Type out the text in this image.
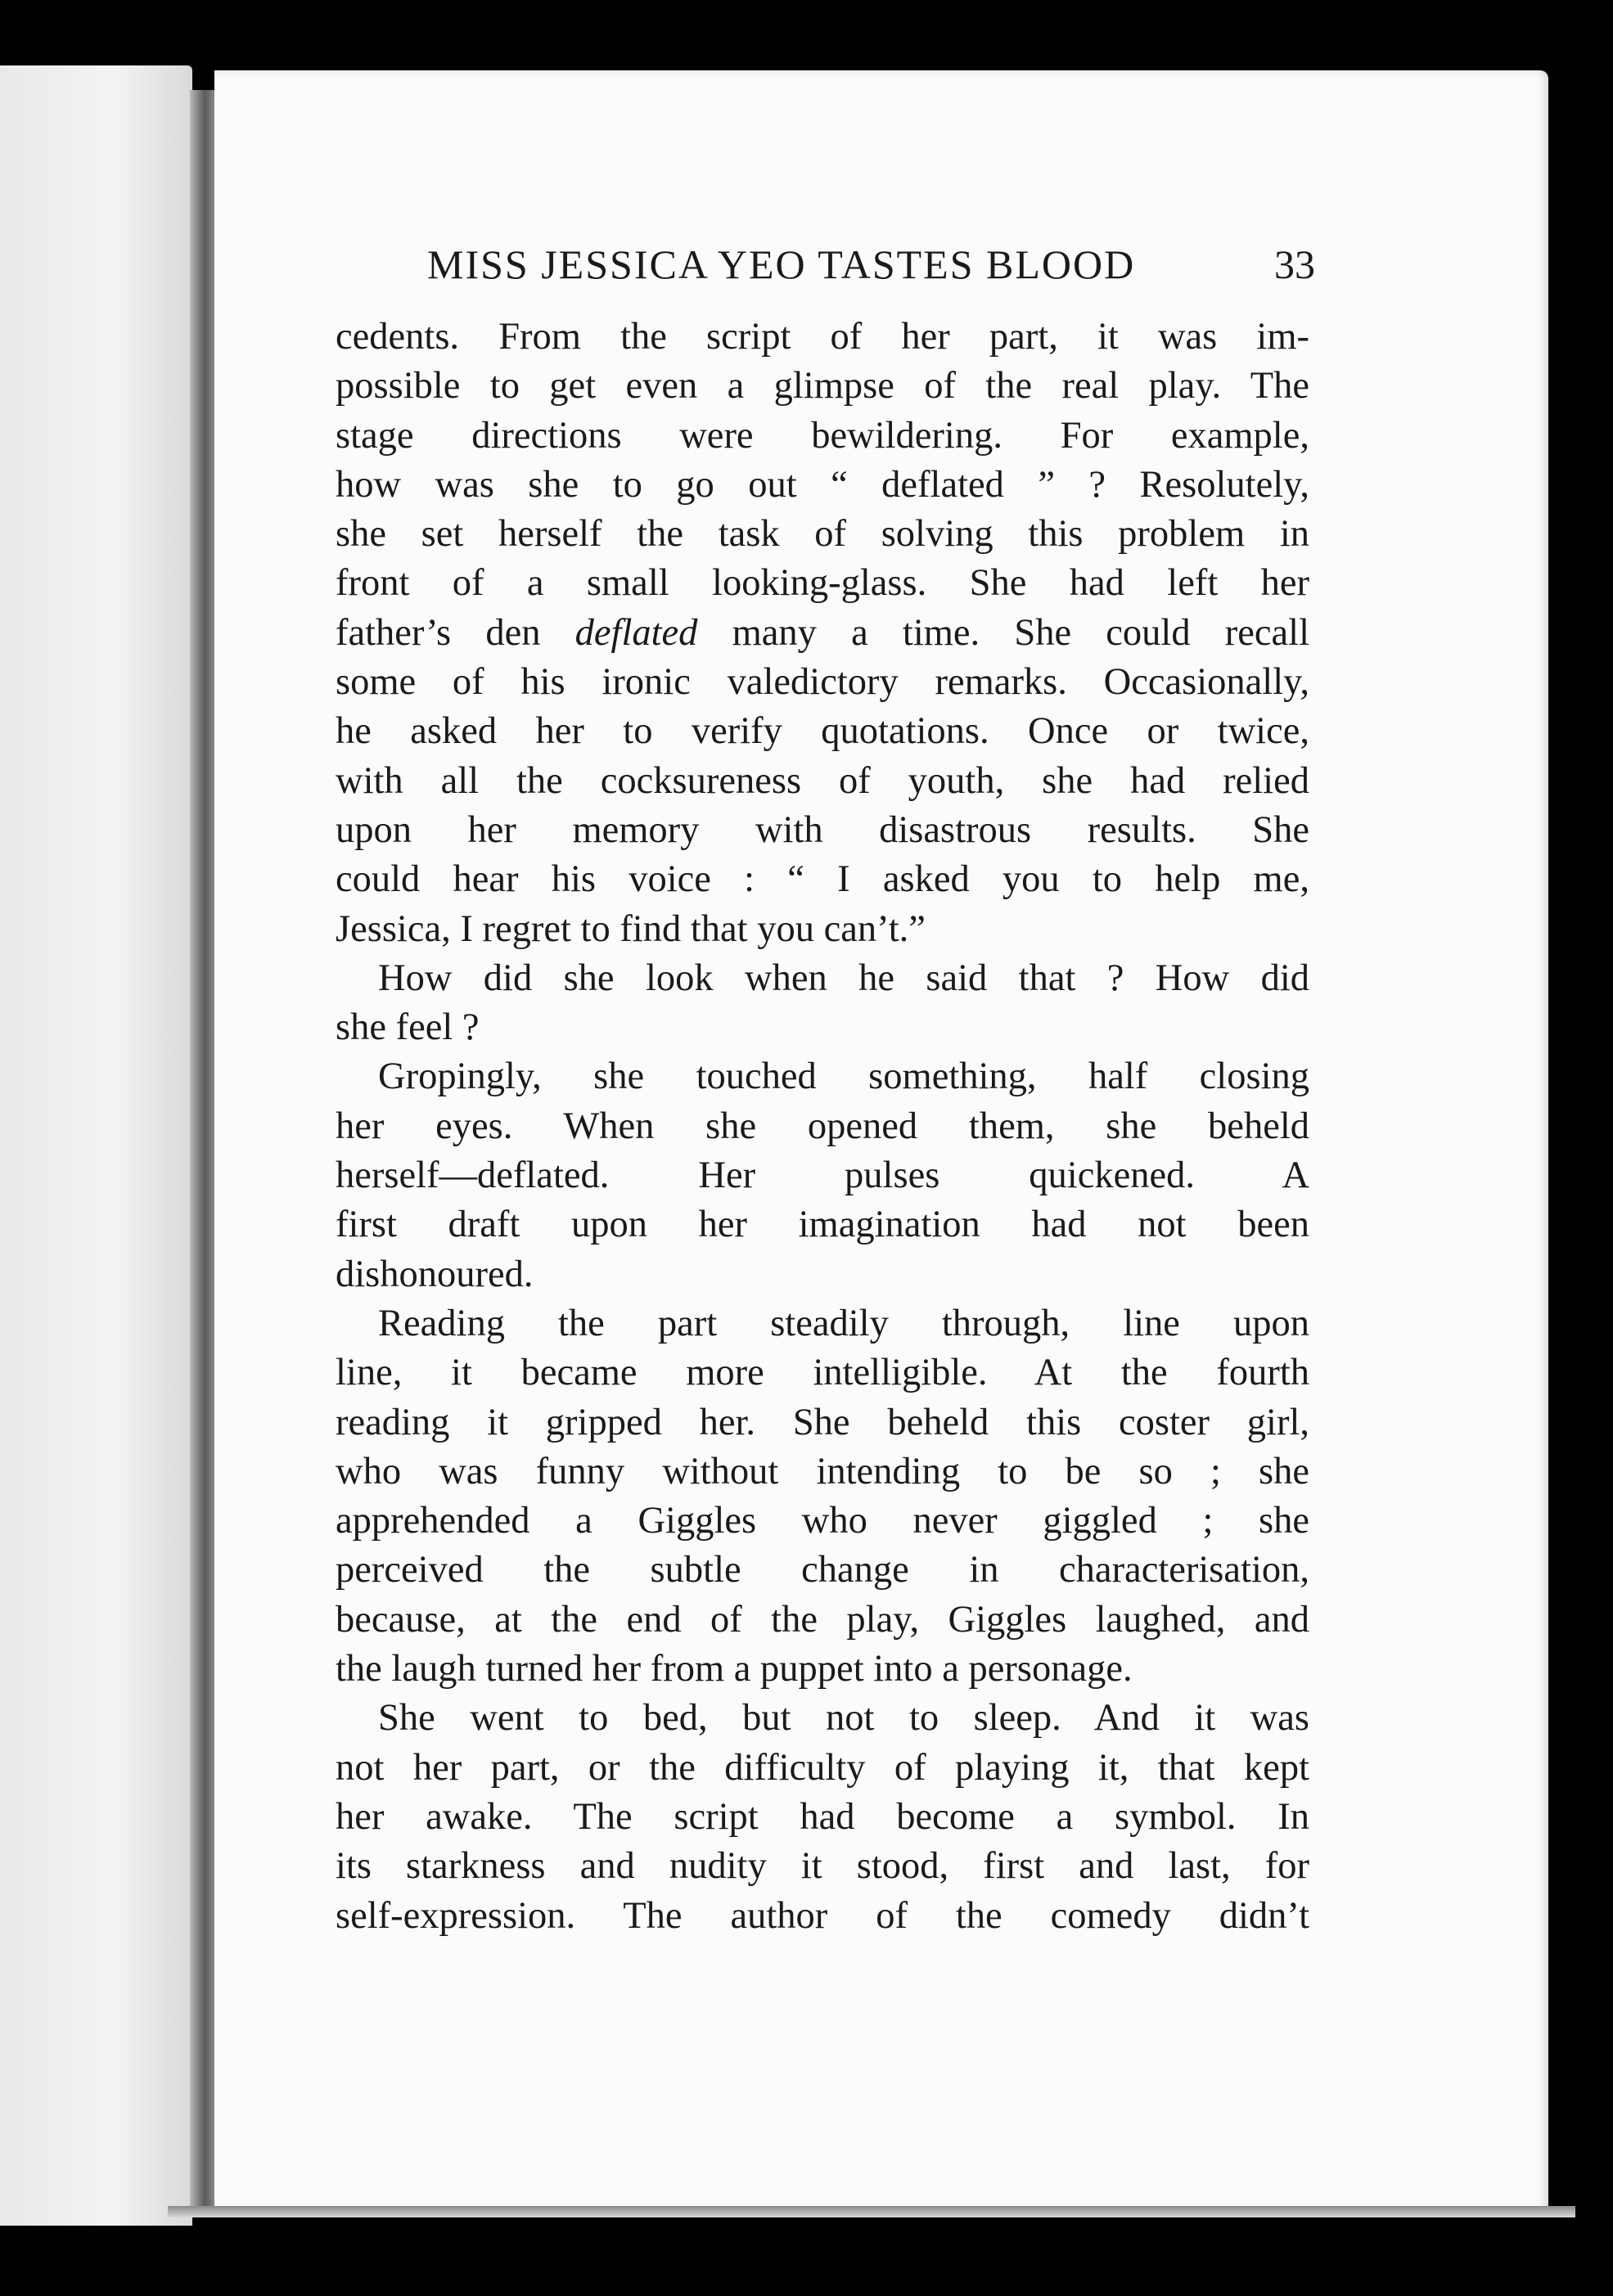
MISS JESSICA YEO TASTES BLOOD	33
cedents. From the script of her part, it was im-
possible to get even a glimpse of the real play. The
stage directions were bewildering. For example,
how was she to go out “ deflated ” ? Resolutely,
she set herself the task of solving this problem in
front of a small looking-glass. She had left her
father’s den deflated many a time. She could recall
some of his ironic valedictory remarks. Occasionally,
he asked her to verify quotations. Once or twice,
with all the cocksureness of youth, she had relied
upon her memory with disastrous results. She
could hear his voice : “ I asked you to help me,
Jessica, I regret to find that you can’t.”
How did she look when he said that ? How did
she feel ?
Gropingly, she touched something, half closing
her eyes. When she opened them, she beheld
herself—deflated. Her pulses quickened. A
first draft upon her imagination had not been
dishonoured.
Reading the part steadily through, line upon
line, it became more intelligible. At the fourth
reading it gripped her. She beheld this coster girl,
who was funny without intending to be so ; she
apprehended a Giggles who never giggled ; she
perceived the subtle change in characterisation,
because, at the end of the play, Giggles laughed, and
the laugh turned her from a puppet into a personage.
She went to bed, but not to sleep. And it was
not her part, or the difficulty of playing it, that kept
her awake. The script had become a symbol. In
its starkness and nudity it stood, first and last, for
self-expression. The author of the comedy didn’t
